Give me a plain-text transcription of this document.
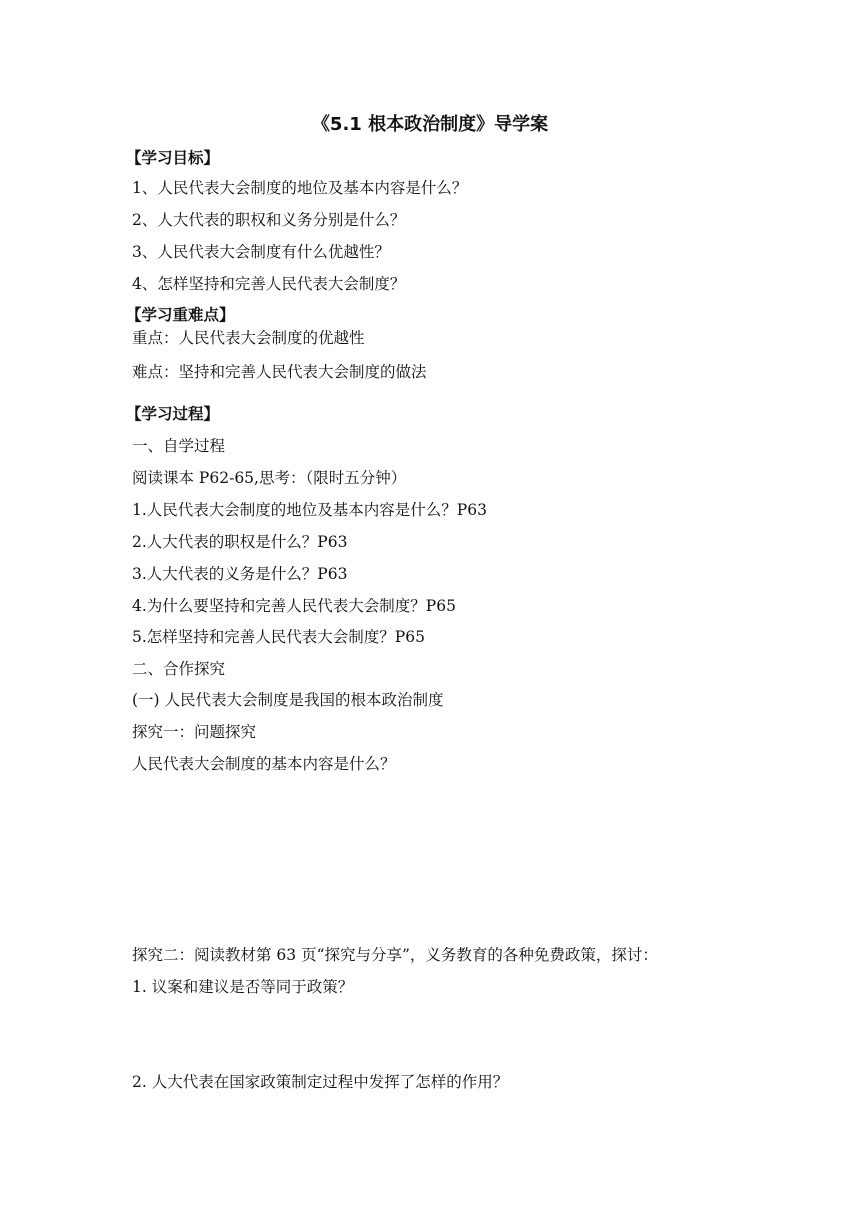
《5.1 根本政治制度》导学案
【学习目标】
1、人民代表大会制度的地位及基本内容是什么？
2、人大代表的职权和义务分别是什么？
3、人民代表大会制度有什么优越性？
4、怎样坚持和完善人民代表大会制度？
【学习重难点】
重点：人民代表大会制度的优越性
难点：坚持和完善人民代表大会制度的做法
【学习过程】
一、自学过程
阅读课本 P62-65,思考：（限时五分钟）
1.人民代表大会制度的地位及基本内容是什么？P63
2.人大代表的职权是什么？P63
3.人大代表的义务是什么？P63
4.为什么要坚持和完善人民代表大会制度？P65
5.怎样坚持和完善人民代表大会制度？P65
二、合作探究
(一) 人民代表大会制度是我国的根本政治制度
探究一：问题探究
人民代表大会制度的基本内容是什么？
探究二：阅读教材第 63 页“探究与分享”，义务教育的各种免费政策，探讨：
1. 议案和建议是否等同于政策？
2. 人大代表在国家政策制定过程中发挥了怎样的作用？
